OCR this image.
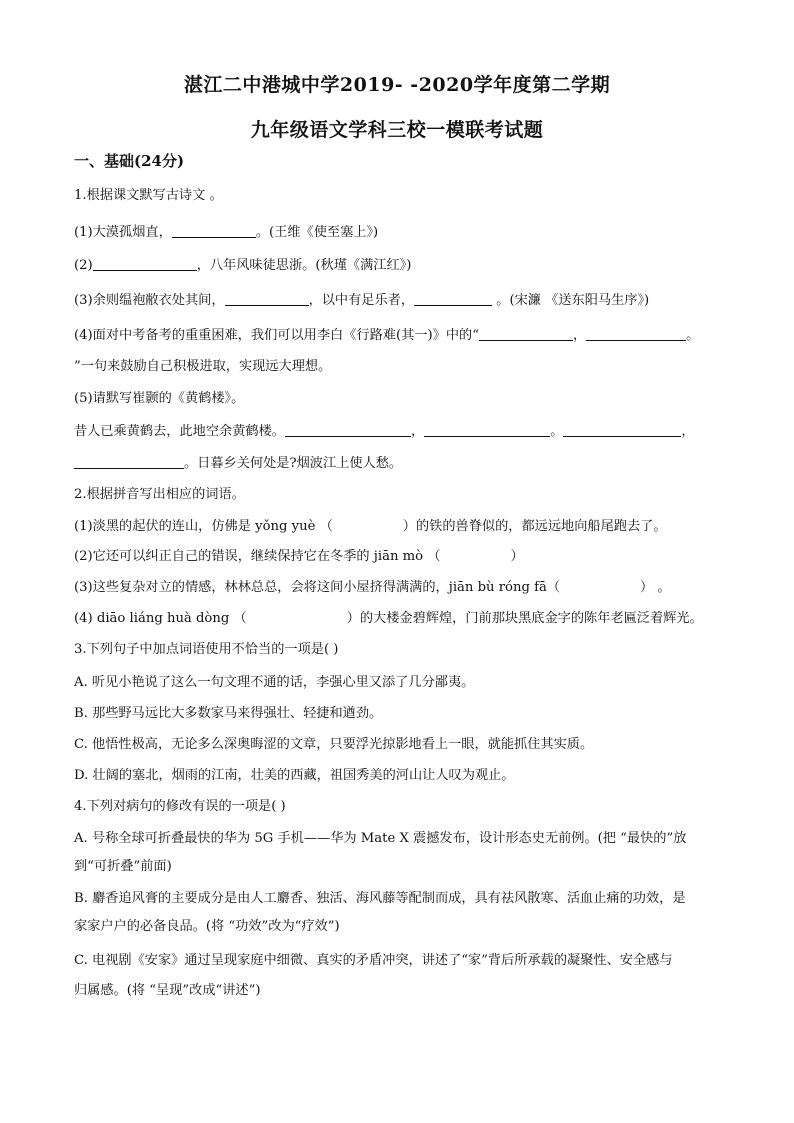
湛江二中港城中学2019- -2020学年度第二学期
九年级语文学科三校一模联考试题
一、基础(24分)
1.根据课文默写古诗文 。
(1)大漠孤烟直，	。(王维《使至塞上》)
(2)	，八年风味徒思浙。(秋瑾《满江红》)
(3)余则缊袍敝衣处其间，	，以中有足乐者，	。(宋濂 《送东阳马生序》)
(4)面对中考备考的重重困难，我们可以用李白《行路难(其一)》中的“	，	。
”一句来鼓励自己积极进取，实现远大理想。
(5)请默写崔颢的《黄鹤楼》。
昔人已乘黄鹤去，此地空余黄鹤楼。	，	。	，
。日暮乡关何处是?烟波江上使人愁。
2.根据拼音写出相应的词语。
(1)淡黑的起伏的连山，仿佛是 yǒng yuè （	）的铁的兽脊似的，都远远地向船尾跑去了。
(2)它还可以纠正自己的错误，继续保持它在冬季的 jiān mò （	）
(3)这些复杂对立的情感，林林总总，会将这间小屋挤得满满的，jiān bù róng fā（	） 。
(4) diāo liáng huà dòng （	）的大楼金碧辉煌，门前那块黑底金字的陈年老匾泛着辉光。
3.下列句子中加点词语使用不恰当的一项是( )
A. 听见小艳说了这么一句文理不通的话，李强心里又添了几分鄙夷。
B. 那些野马远比大多数家马来得强壮、轻捷和遒劲。
C. 他悟性极高，无论多么深奥晦涩的文章，只要浮光掠影地看上一眼，就能抓住其实质。
D. 壮阔的塞北，烟雨的江南，壮美的西藏，祖国秀美的河山让人叹为观止。
4.下列对病句的修改有误的一项是( )
A. 号称全球可折叠最快的华为 5G 手机——华为 Mate X 震撼发布，设计形态史无前例。(把 “最快的”放
到“可折叠”前面)
B. 麝香追风膏的主要成分是由人工麝香、独活、海风藤等配制而成，具有祛风散寒、活血止痛的功效，是
家家户户的必备良品。(将 “功效”改为“疗效”)
C. 电视剧《安家》通过呈现家庭中细微、真实的矛盾冲突，讲述了“家”背后所承载的凝聚性、安全感与
归属感。(将 “呈现”改成“讲述”)
